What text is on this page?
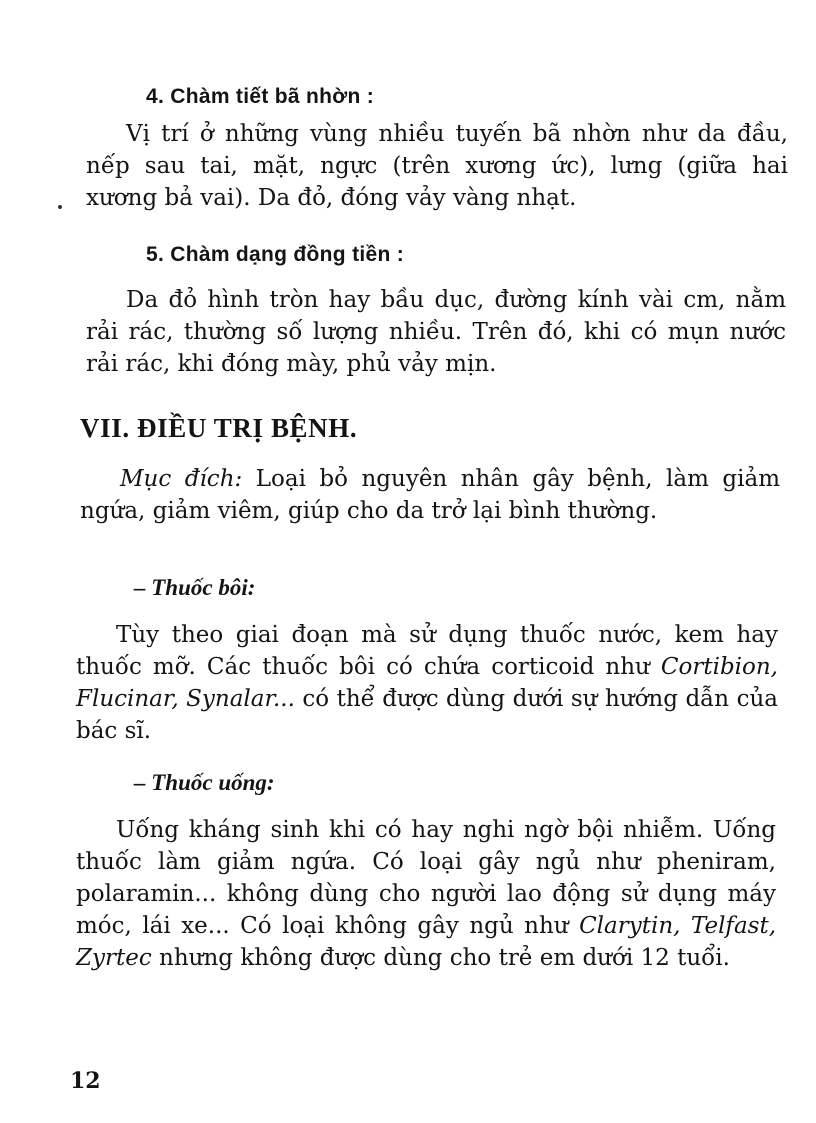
4. Chàm tiết bã nhờn :

Vị trí ở những vùng nhiều tuyến bã nhờn như da đầu, nếp sau tai, mặt, ngực (trên xương ức), lưng (giữa hai xương bả vai). Da đỏ, đóng vảy vàng nhạt.

5. Chàm dạng đồng tiền :

Da đỏ hình tròn hay bầu dục, đường kính vài cm, nằm rải rác, thường số lượng nhiều. Trên đó, khi có mụn nước rải rác, khi đóng mày, phủ vảy mịn.

VII. ĐIỀU TRỊ BỆNH.

Mục đích: Loại bỏ nguyên nhân gây bệnh, làm giảm ngứa, giảm viêm, giúp cho da trở lại bình thường.

– Thuốc bôi:

Tùy theo giai đoạn mà sử dụng thuốc nước, kem hay thuốc mỡ. Các thuốc bôi có chứa corticoid như Cortibion, Flucinar, Synalar... có thể được dùng dưới sự hướng dẫn của bác sĩ.

– Thuốc uống:

Uống kháng sinh khi có hay nghi ngờ bội nhiễm. Uống thuốc làm giảm ngứa. Có loại gây ngủ như pheniram, polaramin... không dùng cho người lao động sử dụng máy móc, lái xe... Có loại không gây ngủ như Clarytin, Telfast, Zyrtec nhưng không được dùng cho trẻ em dưới 12 tuổi.

12
